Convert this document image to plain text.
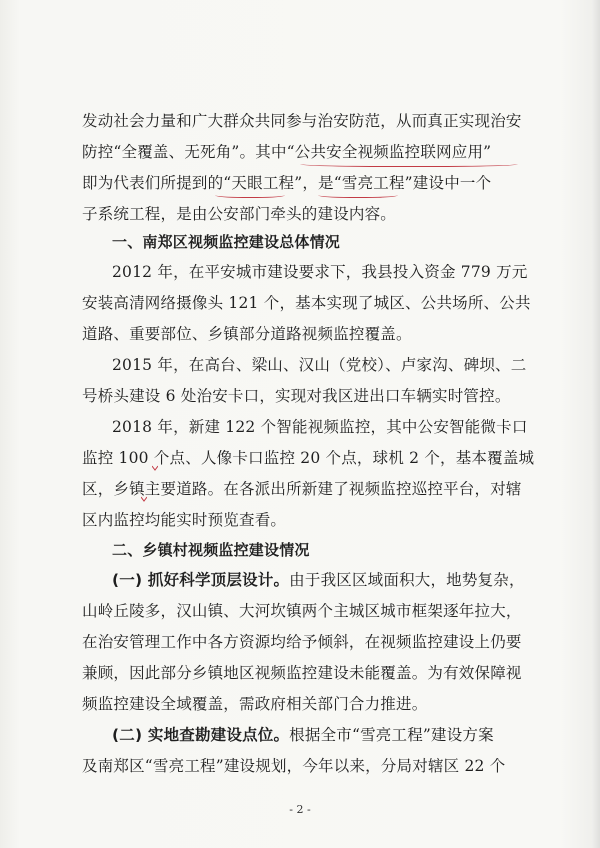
发动社会力量和广大群众共同参与治安防范，从而真正实现治安
防控“全覆盖、无死角”。其中“公共安全视频监控联网应用”
即为代表们所提到的“天眼工程”，是“雪亮工程”建设中一个
子系统工程，是由公安部门牵头的建设内容。
一、南郑区视频监控建设总体情况
2012 年，在平安城市建设要求下，我县投入资金 779 万元
安装高清网络摄像头 121 个，基本实现了城区、公共场所、公共
道路、重要部位、乡镇部分道路视频监控覆盖。
2015 年，在高台、梁山、汉山（党校）、卢家沟、碑坝、二
号桥头建设 6 处治安卡口，实现对我区进出口车辆实时管控。
2018 年，新建 122 个智能视频监控，其中公安智能微卡口
监控 100 个点、人像卡口监控 20 个点，球机 2 个，基本覆盖城
区，乡镇主要道路。在各派出所新建了视频监控巡控平台，对辖
区内监控均能实时预览查看。
二、乡镇村视频监控建设情况
(一) 抓好科学顶层设计。由于我区区域面积大，地势复杂，
山岭丘陵多，汉山镇、大河坎镇两个主城区城市框架逐年拉大，
在治安管理工作中各方资源均给予倾斜，在视频监控建设上仍要
兼顾，因此部分乡镇地区视频监控建设未能覆盖。为有效保障视
频监控建设全域覆盖，需政府相关部门合力推进。
(二) 实地查勘建设点位。根据全市“雪亮工程”建设方案
及南郑区“雪亮工程”建设规划，今年以来，分局对辖区 22 个
- 2 -
